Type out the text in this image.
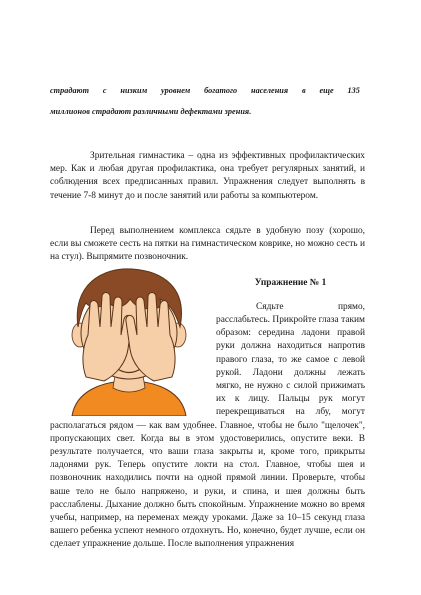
страдают с низким уровнем богатого населения в еще 135
миллионов страдают различными дефектами зрения.

Зрительная гимнастика – одна из эффективных профилактических мер. Как и любая другая профилактика, она требует регулярных занятий, и соблюдения всех предписанных правил. Упражнения следует выполнять в течение 7-8 минут до и после занятий или работы за компьютером.

Перед выполнением комплекса сядьте в удобную позу (хорошо, если вы сможете сесть на пятки на гимнастическом коврике, но можно сесть и на стул). Выпрямите позвоночник.

Упражнение № 1

Сядьте прямо, расслабьтесь. Прикройте глаза таким образом: середина ладони правой руки должна находиться напротив правого глаза, то же самое с левой рукой. Ладони должны лежать мягко, не нужно с силой прижимать их к лицу. Пальцы рук могут перекрещиваться на лбу, могут располагаться рядом — как вам удобнее. Главное, чтобы не было "щелочек", пропускающих свет. Когда вы в этом удостоверились, опустите веки. В результате получается, что ваши глаза закрыты и, кроме того, прикрыты ладонями рук. Теперь опустите локти на стол. Главное, чтобы шея и позвоночник находились почти на одной прямой линии. Проверьте, чтобы ваше тело не было напряжено, и руки, и спина, и шея должны быть расслаблены. Дыхание должно быть спокойным. Упражнение можно во время учебы, например, на переменах между уроками. Даже за 10–15 секунд глаза вашего ребенка успеют немного отдохнуть. Но, конечно, будет лучше, если он сделает упражнение дольше. После выполнения упражнения
